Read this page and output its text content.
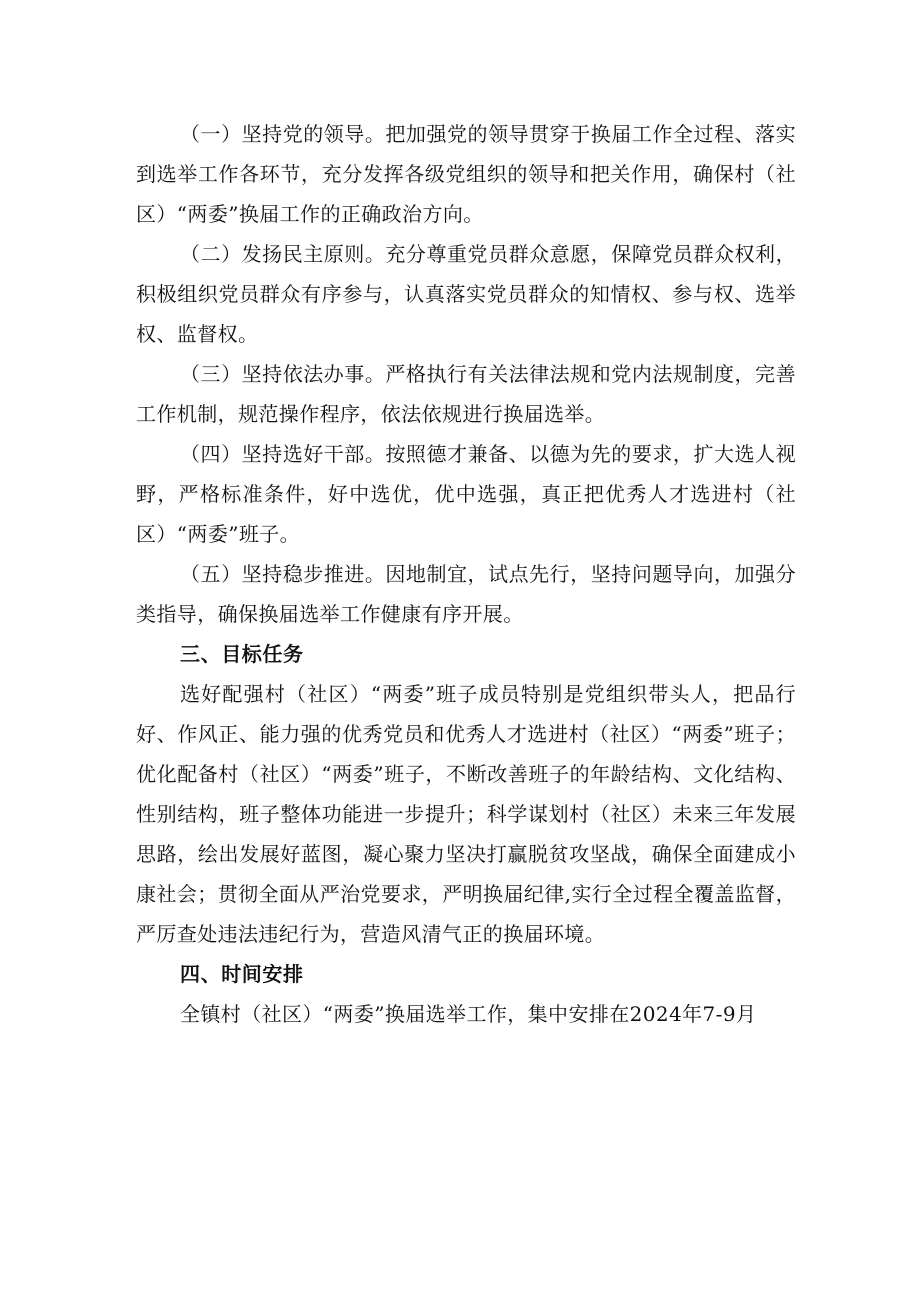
（一）坚持党的领导。把加强党的领导贯穿于换届工作全过程、落实到选举工作各环节，充分发挥各级党组织的领导和把关作用，确保村（社区）“两委”换届工作的正确政治方向。

（二）发扬民主原则。充分尊重党员群众意愿，保障党员群众权利，积极组织党员群众有序参与，认真落实党员群众的知情权、参与权、选举权、监督权。

（三）坚持依法办事。严格执行有关法律法规和党内法规制度，完善工作机制，规范操作程序，依法依规进行换届选举。

（四）坚持选好干部。按照德才兼备、以德为先的要求，扩大选人视野，严格标准条件，好中选优，优中选强，真正把优秀人才选进村（社区）“两委”班子。

（五）坚持稳步推进。因地制宜，试点先行，坚持问题导向，加强分类指导，确保换届选举工作健康有序开展。

三、目标任务

选好配强村（社区）“两委”班子成员特别是党组织带头人，把品行好、作风正、能力强的优秀党员和优秀人才选进村（社区）“两委”班子；优化配备村（社区）“两委”班子，不断改善班子的年龄结构、文化结构、性别结构，班子整体功能进一步提升；科学谋划村（社区）未来三年发展思路，绘出发展好蓝图，凝心聚力坚决打赢脱贫攻坚战，确保全面建成小康社会；贯彻全面从严治党要求，严明换届纪律,实行全过程全覆盖监督，严厉查处违法违纪行为，营造风清气正的换届环境。

四、时间安排

全镇村（社区）“两委”换届选举工作，集中安排在2024年7-9月
